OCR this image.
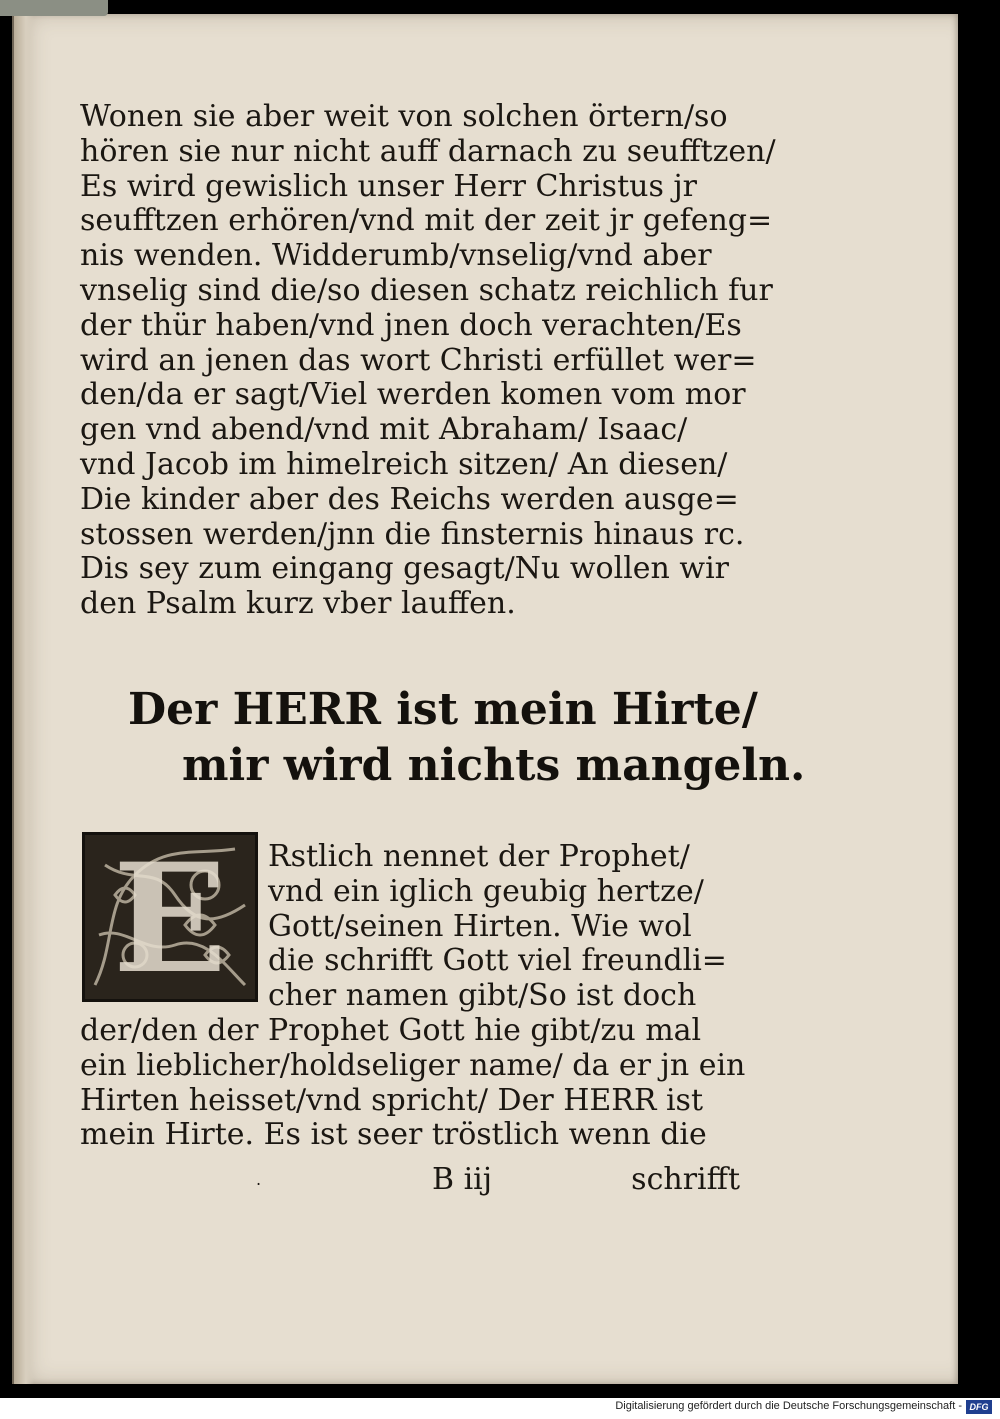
Wonen sie aber weit von solchen örtern/so
hören sie nur nicht auff darnach zu seufftzen/
Es wird gewislich unser Herr Christus jr
seufftzen erhören/vnd mit der zeit jr gefeng=
nis wenden. Widderumb/vnselig/vnd aber
vnselig sind die/so diesen schatz reichlich fur
der thür haben/vnd jnen doch verachten/Es
wird an jenen das wort Christi erfüllet wer=
den/da er sagt/Viel werden komen vom mor
gen vnd abend/vnd mit Abraham/ Isaac/
vnd Jacob im himelreich sitzen/ An diesen/
Die kinder aber des Reichs werden ausge=
stossen werden/jnn die finsternis hinaus rc.
Dis sey zum eingang gesagt/Nu wollen wir
den Psalm kurz vber lauffen.
Der HERR ist mein Hirte/
mir wird nichts mangeln.
Rstlich nennet der Prophet/
vnd ein iglich geubig hertze/
Gott/seinen Hirten. Wie wol
die schrifft Gott viel freundli=
cher namen gibt/So ist doch
der/den der Prophet Gott hie gibt/zu mal
ein lieblicher/holdseliger name/ da er jn ein
Hirten heisset/vnd spricht/ Der HERR ist
mein Hirte. Es ist seer tröstlich wenn die
E
.	B iij	schrifft
Digitalisierung gefördert durch die Deutsche Forschungsgemeinschaft - DFG
